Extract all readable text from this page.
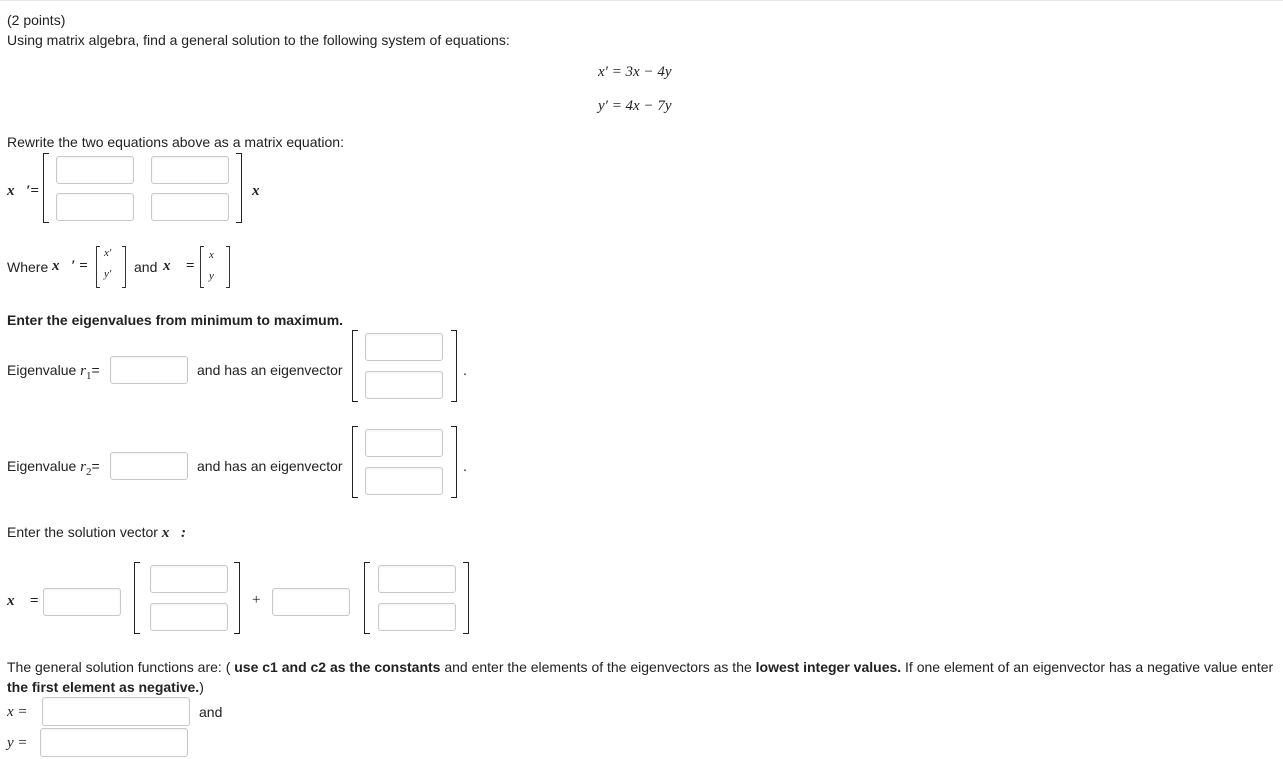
(2 points)
Using matrix algebra, find a general solution to the following system of equations:
x′ = 3x − 4y
y′ = 4x − 7y
Rewrite the two equations above as a matrix equation:
x⃗′=	x⃗
Where x⃗′ =
x′
y′ and x⃗ =
x
y
Enter the eigenvalues from minimum to maximum.
Eigenvalue $r_1=$	and has an eigenvector	.
Eigenvalue $r_2=$	and has an eigenvector	.
Enter the solution vector x⃗:
x⃗ =	+
The general solution functions are: ( use c1 and c2 as the constants and enter the elements of the eigenvectors as the lowest integer values. If one element of an eigenvector has a negative value enter the first element as negative.)
x =	and
y =
